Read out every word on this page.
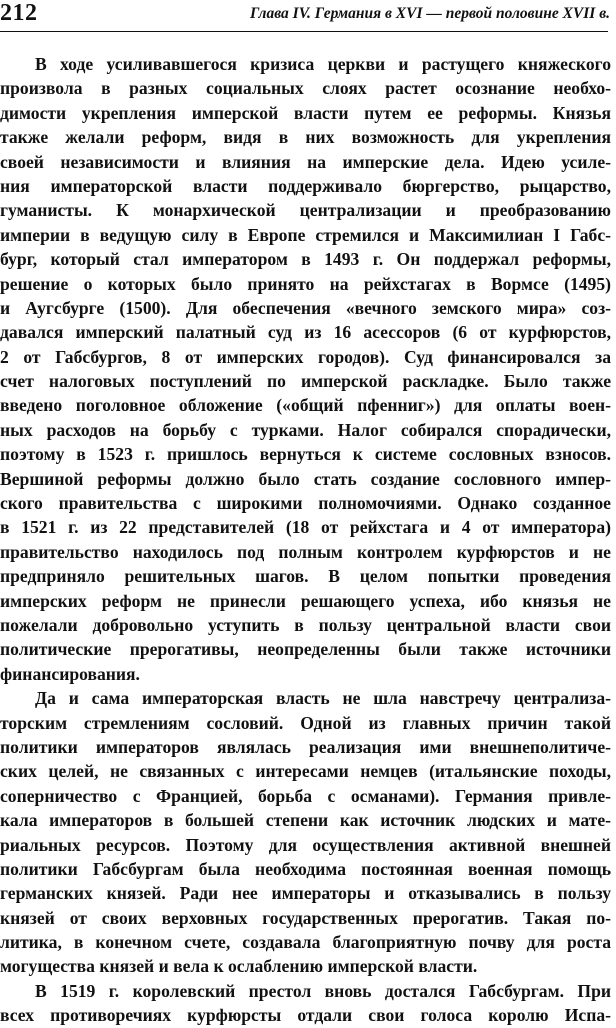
212	Глава IV. Германия в XVI — первой половине XVII в.
В ходе усиливавшегося кризиса церкви и растущего княжеского
произвола в разных социальных слоях растет осознание необхо-
димости укрепления имперской власти путем ее реформы. Князья
также желали реформ, видя в них возможность для укрепления
своей независимости и влияния на имперские дела. Идею усиле-
ния императорской власти поддерживало бюргерство, рыцарство,
гуманисты. К монархической централизации и преобразованию
империи в ведущую силу в Европе стремился и Максимилиан I Габс-
бург, который стал императором в 1493 г. Он поддержал реформы,
решение о которых было принято на рейхстагах в Вормсе (1495)
и Аугсбурге (1500). Для обеспечения «вечного земского мира» соз-
давался имперский палатный суд из 16 асессоров (6 от курфюрстов,
2 от Габсбургов, 8 от имперских городов). Суд финансировался за
счет налоговых поступлений по имперской раскладке. Было также
введено поголовное обложение («общий пфенниг») для оплаты воен-
ных расходов на борьбу с турками. Налог собирался спорадически,
поэтому в 1523 г. пришлось вернуться к системе сословных взносов.
Вершиной реформы должно было стать создание сословного импер-
ского правительства с широкими полномочиями. Однако созданное
в 1521 г. из 22 представителей (18 от рейхстага и 4 от императора)
правительство находилось под полным контролем курфюрстов и не
предприняло решительных шагов. В целом попытки проведения
имперских реформ не принесли решающего успеха, ибо князья не
пожелали добровольно уступить в пользу центральной власти свои
политические прерогативы, неопределенны были также источники
финансирования.
Да и сама императорская власть не шла навстречу централиза-
торским стремлениям сословий. Одной из главных причин такой
политики императоров являлась реализация ими внешнеполитиче-
ских целей, не связанных с интересами немцев (итальянские походы,
соперничество с Францией, борьба с османами). Германия привле-
кала императоров в большей степени как источник людских и мате-
риальных ресурсов. Поэтому для осуществления активной внешней
политики Габсбургам была необходима постоянная военная помощь
германских князей. Ради нее императоры и отказывались в пользу
князей от своих верховных государственных прерогатив. Такая по-
литика, в конечном счете, создавала благоприятную почву для роста
могущества князей и вела к ослаблению имперской власти.
В 1519 г. королевский престол вновь достался Габсбургам. При
всех противоречиях курфюрсты отдали свои голоса королю Испа-
